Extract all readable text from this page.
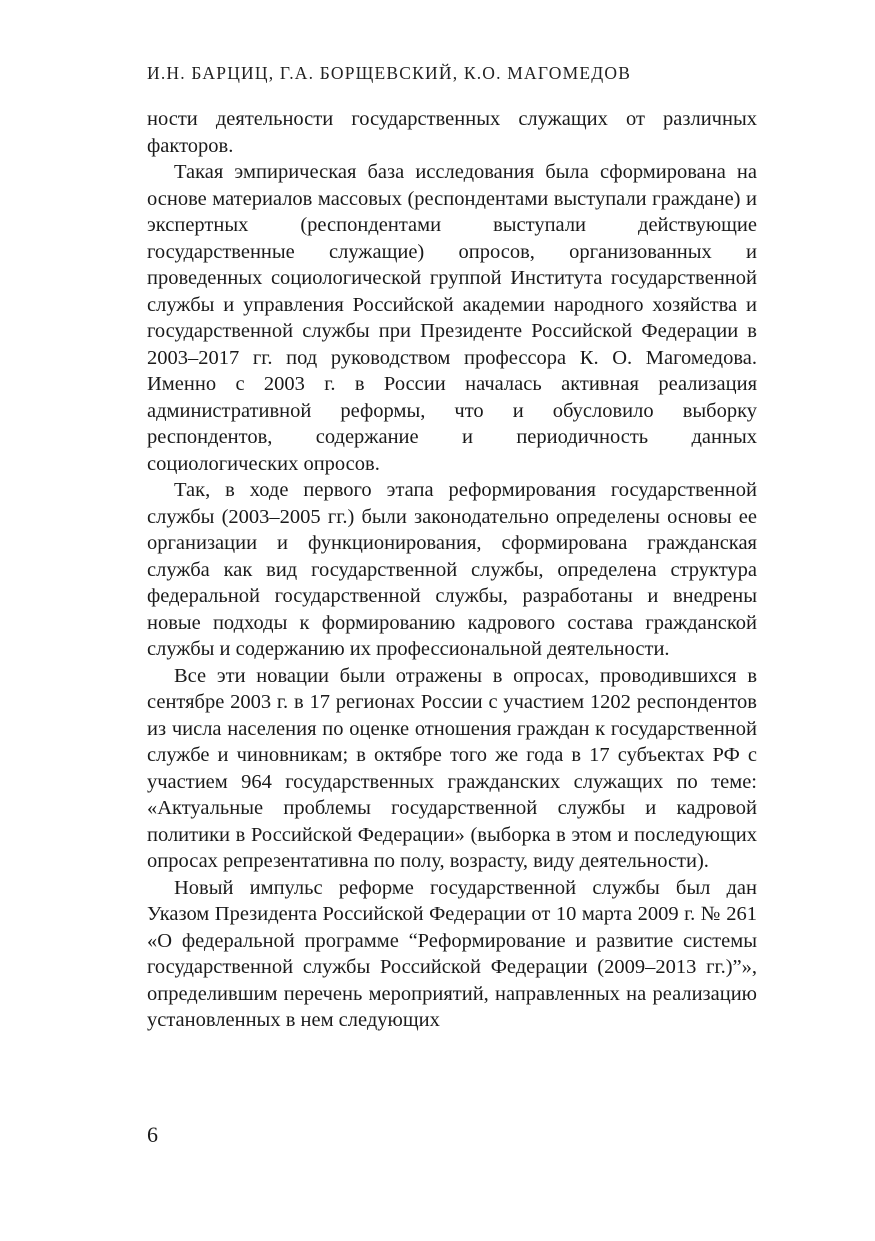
И.Н. БАРЦИЦ, Г.А. БОРЩЕВСКИЙ, К.О. МАГОМЕДОВ

ности деятельности государственных служащих от различных факторов.

Такая эмпирическая база исследования была сформирована на основе материалов массовых (респондентами выступали граждане) и экспертных (респондентами выступали действующие государственные служащие) опросов, организованных и проведенных социологической группой Института государственной службы и управления Российской академии народного хозяйства и государственной службы при Президенте Российской Федерации в 2003–2017 гг. под руководством профессора К. О. Магомедова. Именно с 2003 г. в России началась активная реализация административной реформы, что и обусловило выборку респондентов, содержание и периодичность данных социологических опросов.

Так, в ходе первого этапа реформирования государственной службы (2003–2005 гг.) были законодательно определены основы ее организации и функционирования, сформирована гражданская служба как вид государственной службы, определена структура федеральной государственной службы, разработаны и внедрены новые подходы к формированию кадрового состава гражданской службы и содержанию их профессиональной деятельности.

Все эти новации были отражены в опросах, проводившихся в сентябре 2003 г. в 17 регионах России с участием 1202 респондентов из числа населения по оценке отношения граждан к государственной службе и чиновникам; в октябре того же года в 17 субъектах РФ с участием 964 государственных гражданских служащих по теме: «Актуальные проблемы государственной службы и кадровой политики в Российской Федерации» (выборка в этом и последующих опросах репрезентативна по полу, возрасту, виду деятельности).

Новый импульс реформе государственной службы был дан Указом Президента Российской Федерации от 10 марта 2009 г. № 261 «О федеральной программе “Реформирование и развитие системы государственной службы Российской Федерации (2009–2013 гг.)”», определившим перечень мероприятий, направленных на реализацию установленных в нем следующих

6
